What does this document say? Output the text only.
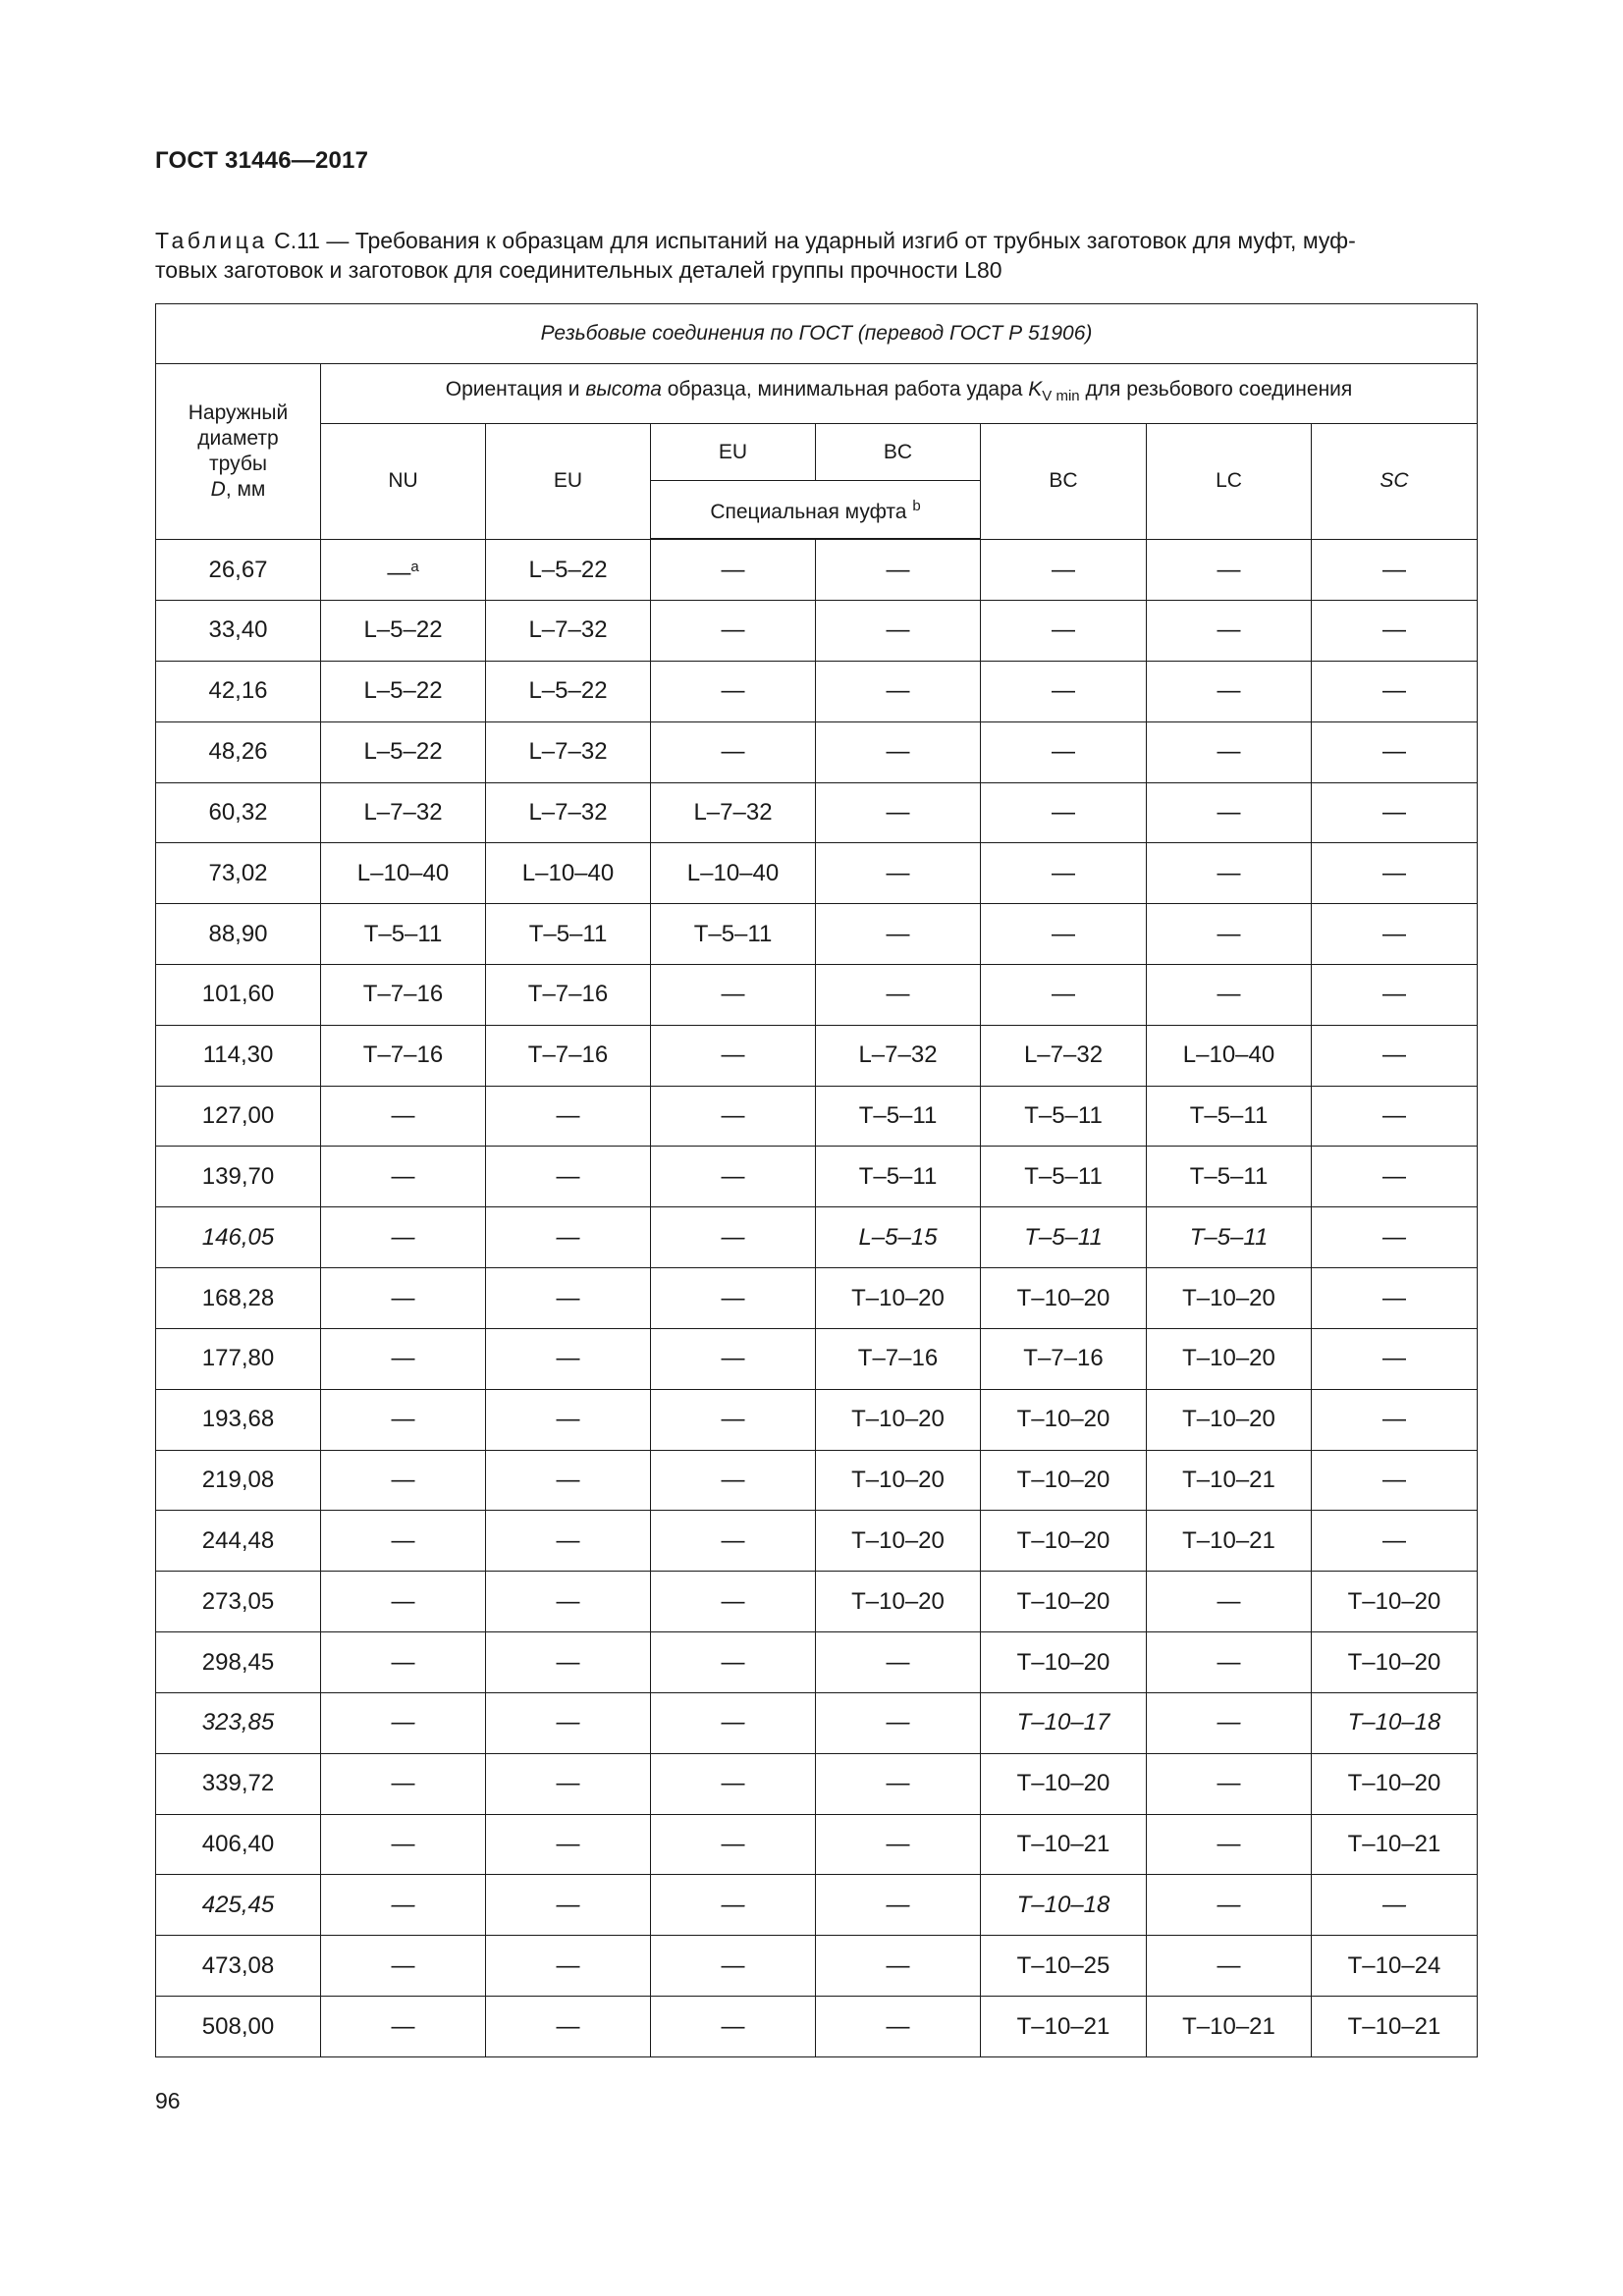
ГОСТ 31446—2017
Таблица С.11 — Требования к образцам для испытаний на ударный изгиб от трубных заготовок для муфт, муф-
товых заготовок и заготовок для соединительных деталей группы прочности L80
Резьбовые соединения по ГОСТ (перевод ГОСТ Р 51906)							
Наружный
диаметр
трубы
D, мм	Ориентация и высота образца, минимальная работа удара $K_{V min}$ для резьбового соединения						
	NU	EU	EU	BC	BC	LC	SC
			Специальная муфта $^b$

26,67	—$^a$	L–5–22	—	—	—	—	—
33,40	L–5–22	L–7–32	—	—	—	—	—
42,16	L–5–22	L–5–22	—	—	—	—	—
48,26	L–5–22	L–7–32	—	—	—	—	—
60,32	L–7–32	L–7–32	L–7–32	—	—	—	—
73,02	L–10–40	L–10–40	L–10–40	—	—	—	—
88,90	T–5–11	T–5–11	T–5–11	—	—	—	—
101,60	T–7–16	T–7–16	—	—	—	—	—
114,30	T–7–16	T–7–16	—	L–7–32	L–7–32	L–10–40	—
127,00	—	—	—	T–5–11	T–5–11	T–5–11	—
139,70	—	—	—	T–5–11	T–5–11	T–5–11	—
146,05	—	—	—	L–5–15	T–5–11	T–5–11	—
168,28	—	—	—	T–10–20	T–10–20	T–10–20	—
177,80	—	—	—	T–7–16	T–7–16	T–10–20	—
193,68	—	—	—	T–10–20	T–10–20	T–10–20	—
219,08	—	—	—	T–10–20	T–10–20	T–10–21	—
244,48	—	—	—	T–10–20	T–10–20	T–10–21	—
273,05	—	—	—	T–10–20	T–10–20	—	T–10–20
298,45	—	—	—	—	T–10–20	—	T–10–20
323,85	—	—	—	—	T–10–17	—	T–10–18
339,72	—	—	—	—	T–10–20	—	T–10–20
406,40	—	—	—	—	T–10–21	—	T–10–21
425,45	—	—	—	—	T–10–18	—	—
473,08	—	—	—	—	T–10–25	—	T–10–24
508,00	—	—	—	—	T–10–21	T–10–21	T–10–21
96
